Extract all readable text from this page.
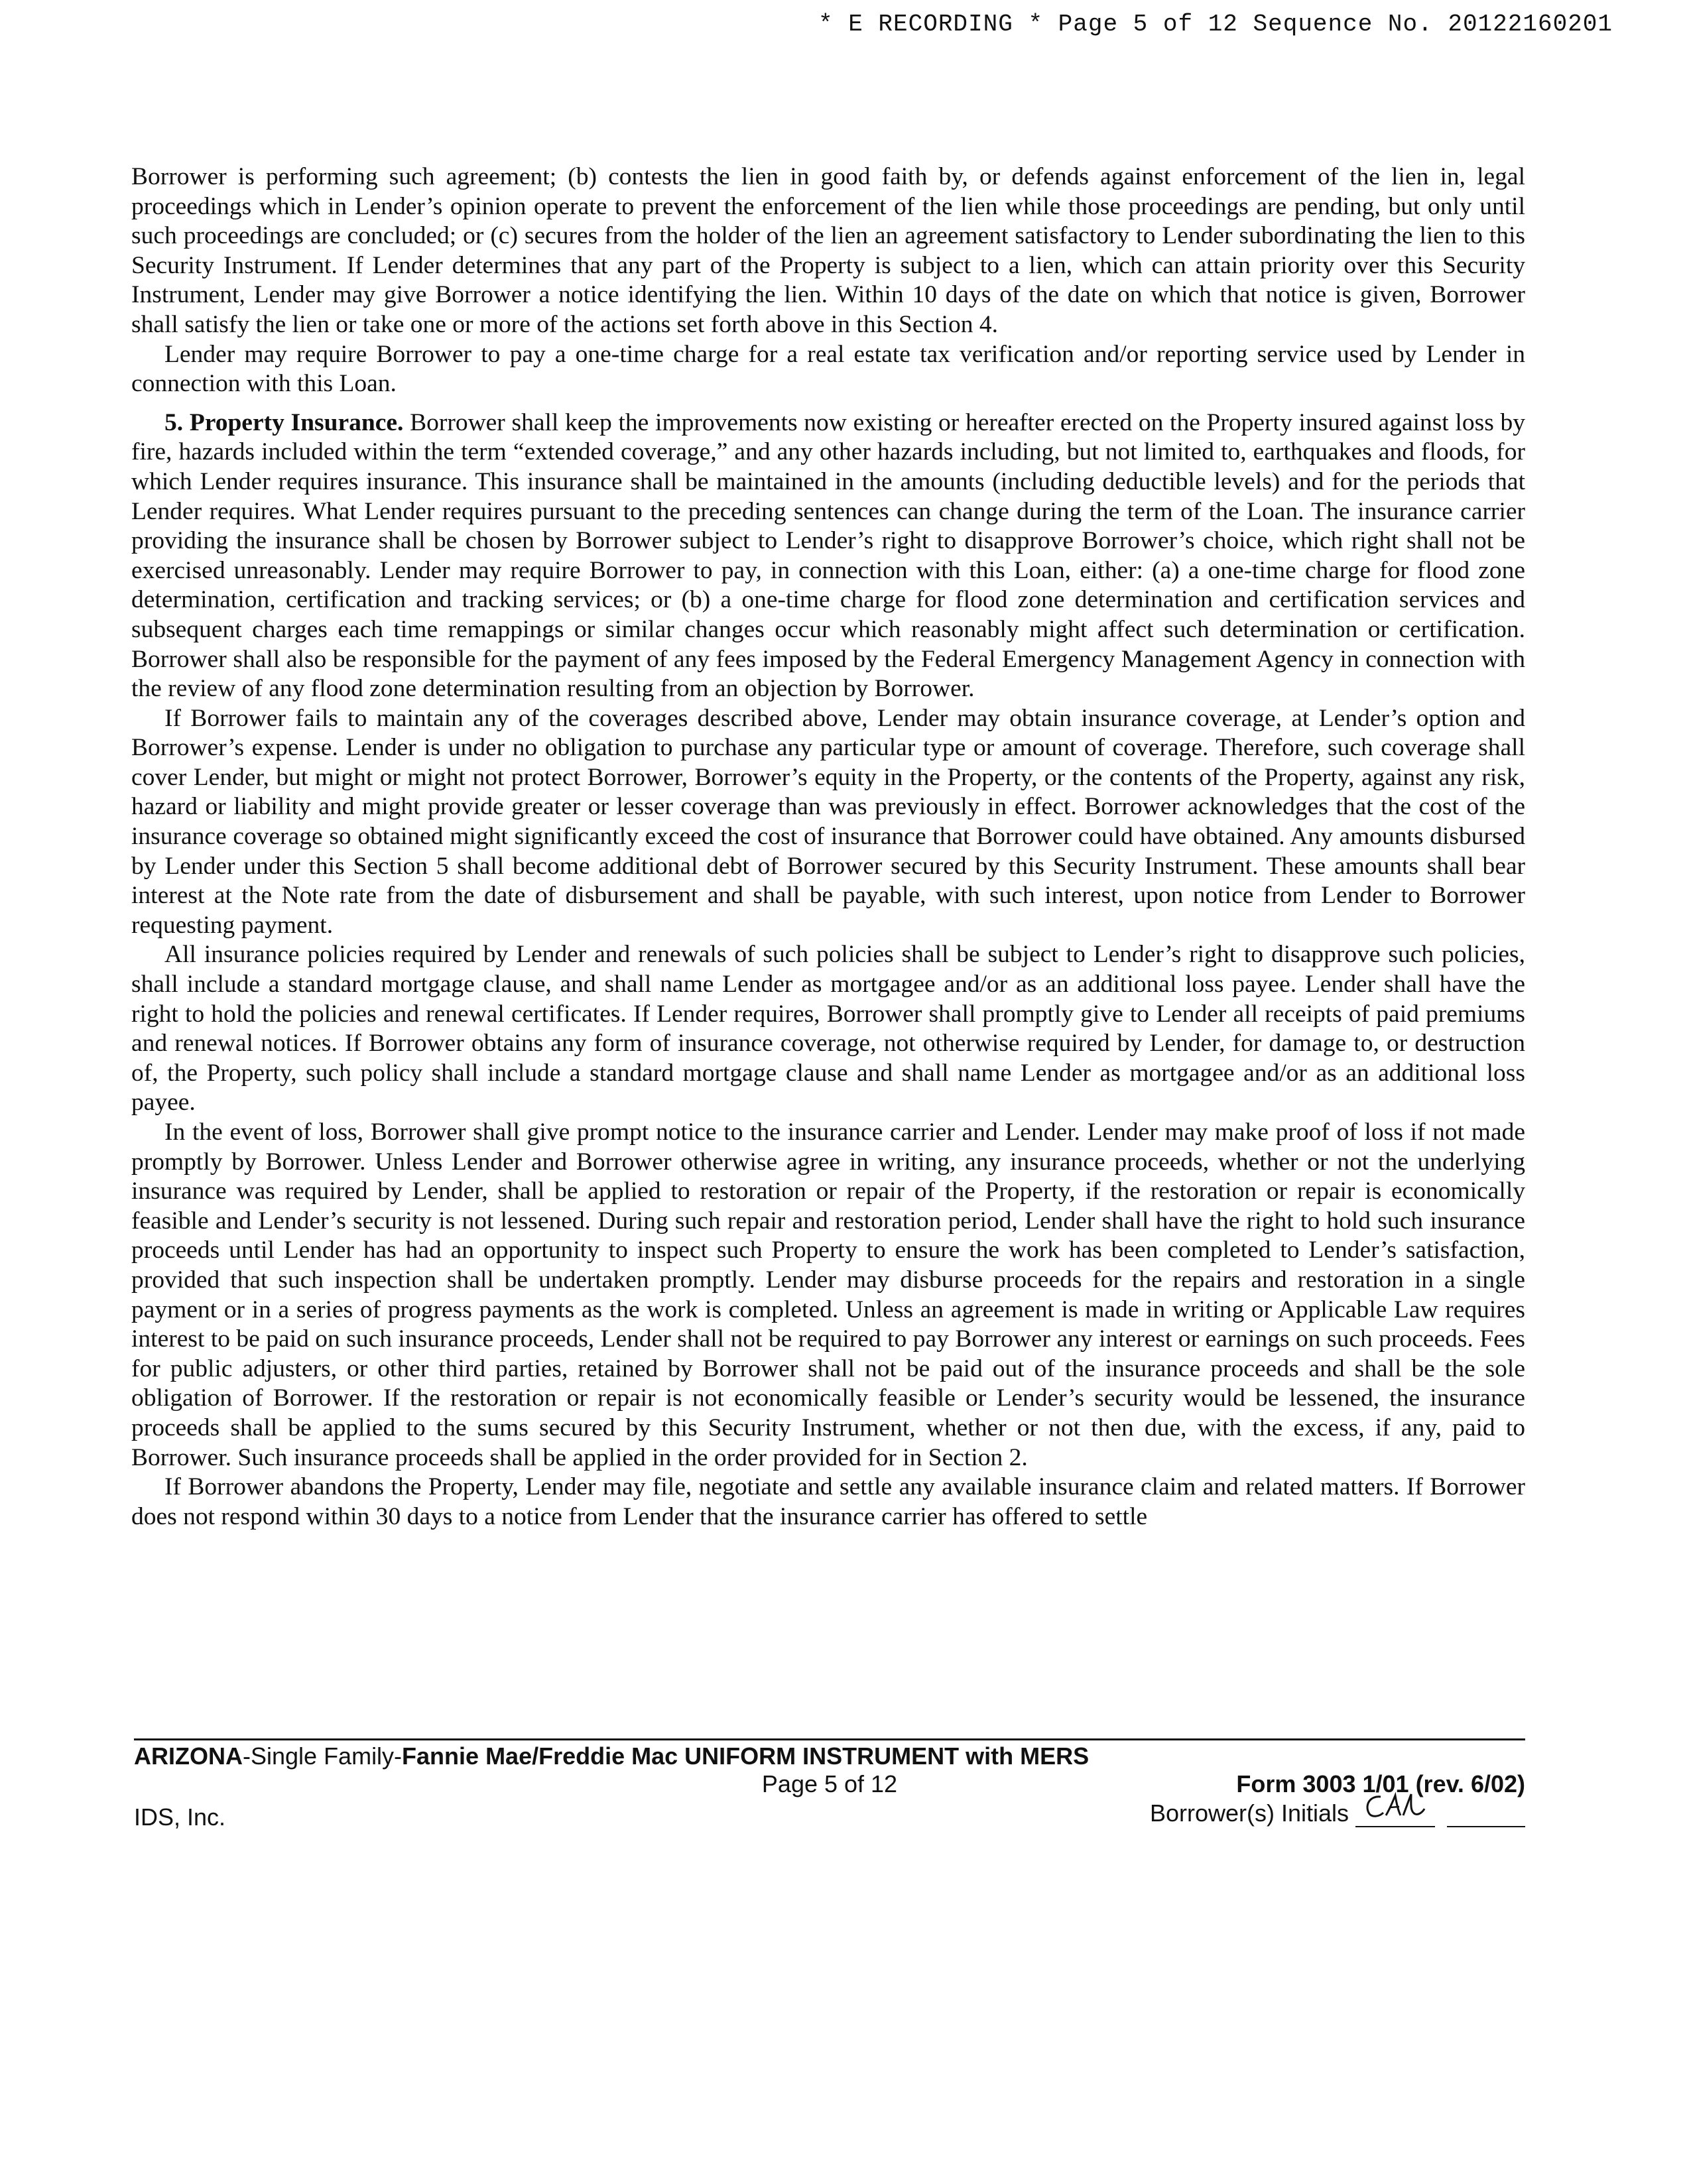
* E RECORDING * Page 5 of 12 Sequence No. 20122160201

Borrower is performing such agreement; (b) contests the lien in good faith by, or defends against enforcement of the lien in, legal proceedings which in Lender’s opinion operate to prevent the enforcement of the lien while those proceedings are pending, but only until such proceedings are concluded; or (c) secures from the holder of the lien an agreement satisfactory to Lender subordinating the lien to this Security Instrument. If Lender determines that any part of the Property is subject to a lien, which can attain priority over this Security Instrument, Lender may give Borrower a notice identifying the lien. Within 10 days of the date on which that notice is given, Borrower shall satisfy the lien or take one or more of the actions set forth above in this Section 4.

Lender may require Borrower to pay a one-time charge for a real estate tax verification and/or reporting service used by Lender in connection with this Loan.

5. Property Insurance. Borrower shall keep the improvements now existing or hereafter erected on the Property insured against loss by fire, hazards included within the term “extended coverage,” and any other hazards including, but not limited to, earthquakes and floods, for which Lender requires insurance. This insurance shall be maintained in the amounts (including deductible levels) and for the periods that Lender requires. What Lender requires pursuant to the preceding sentences can change during the term of the Loan. The insurance carrier providing the insurance shall be chosen by Borrower subject to Lender’s right to disapprove Borrower’s choice, which right shall not be exercised unreasonably. Lender may require Borrower to pay, in connection with this Loan, either: (a) a one-time charge for flood zone determination, certification and tracking services; or (b) a one-time charge for flood zone determination and certification services and subsequent charges each time remappings or similar changes occur which reasonably might affect such determination or certification. Borrower shall also be responsible for the payment of any fees imposed by the Federal Emergency Management Agency in connection with the review of any flood zone determination resulting from an objection by Borrower.

If Borrower fails to maintain any of the coverages described above, Lender may obtain insurance coverage, at Lender’s option and Borrower’s expense. Lender is under no obligation to purchase any particular type or amount of coverage. Therefore, such coverage shall cover Lender, but might or might not protect Borrower, Borrower’s equity in the Property, or the contents of the Property, against any risk, hazard or liability and might provide greater or lesser coverage than was previously in effect. Borrower acknowledges that the cost of the insurance coverage so obtained might significantly exceed the cost of insurance that Borrower could have obtained. Any amounts disbursed by Lender under this Section 5 shall become additional debt of Borrower secured by this Security Instrument. These amounts shall bear interest at the Note rate from the date of disbursement and shall be payable, with such interest, upon notice from Lender to Borrower requesting payment.

All insurance policies required by Lender and renewals of such policies shall be subject to Lender’s right to disapprove such policies, shall include a standard mortgage clause, and shall name Lender as mortgagee and/or as an additional loss payee. Lender shall have the right to hold the policies and renewal certificates. If Lender requires, Borrower shall promptly give to Lender all receipts of paid premiums and renewal notices. If Borrower obtains any form of insurance coverage, not otherwise required by Lender, for damage to, or destruction of, the Property, such policy shall include a standard mortgage clause and shall name Lender as mortgagee and/or as an additional loss payee.

In the event of loss, Borrower shall give prompt notice to the insurance carrier and Lender. Lender may make proof of loss if not made promptly by Borrower. Unless Lender and Borrower otherwise agree in writing, any insurance proceeds, whether or not the underlying insurance was required by Lender, shall be applied to restoration or repair of the Property, if the restoration or repair is economically feasible and Lender’s security is not lessened. During such repair and restoration period, Lender shall have the right to hold such insurance proceeds until Lender has had an opportunity to inspect such Property to ensure the work has been completed to Lender’s satisfaction, provided that such inspection shall be undertaken promptly. Lender may disburse proceeds for the repairs and restoration in a single payment or in a series of progress payments as the work is completed. Unless an agreement is made in writing or Applicable Law requires interest to be paid on such insurance proceeds, Lender shall not be required to pay Borrower any interest or earnings on such proceeds. Fees for public adjusters, or other third parties, retained by Borrower shall not be paid out of the insurance proceeds and shall be the sole obligation of Borrower. If the restoration or repair is not economically feasible or Lender’s security would be lessened, the insurance proceeds shall be applied to the sums secured by this Security Instrument, whether or not then due, with the excess, if any, paid to Borrower. Such insurance proceeds shall be applied in the order provided for in Section 2.

If Borrower abandons the Property, Lender may file, negotiate and settle any available insurance claim and related matters. If Borrower does not respond within 30 days to a notice from Lender that the insurance carrier has offered to settle

ARIZONA-Single Family-Fannie Mae/Freddie Mac UNIFORM INSTRUMENT with MERS
Page 5 of 12	Form 3003 1/01 (rev. 6/02)
IDS, Inc.	Borrower(s) Initials
